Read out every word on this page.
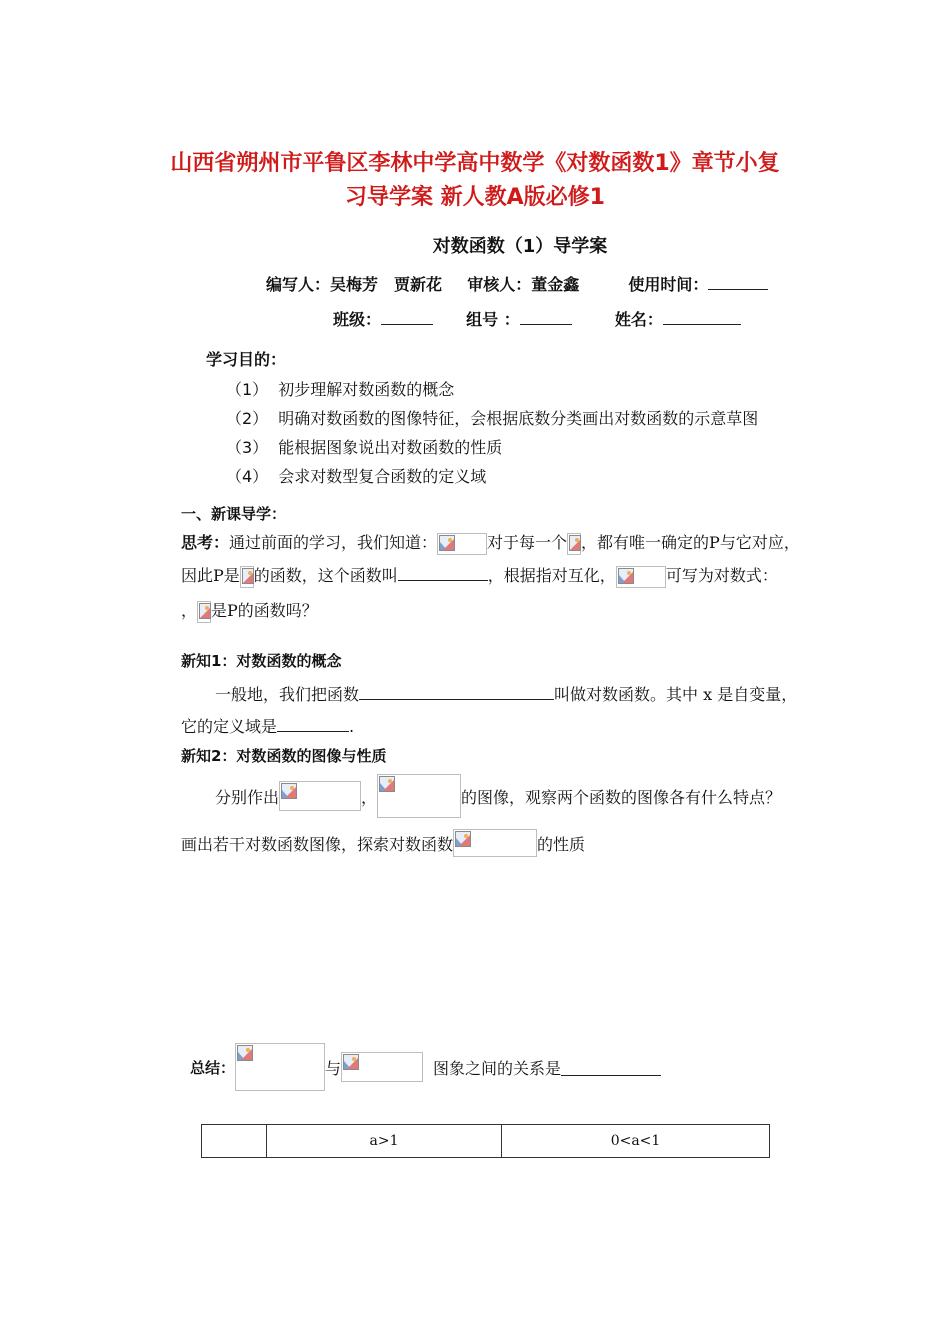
山西省朔州市平鲁区李林中学高中数学《对数函数1》章节小复
习导学案 新人教A版必修1
对数函数（1）导学案
编写人：吴梅芳　贾新花 审核人：董金鑫	使用时间：
班级：	组号 ：	姓名：
学习目的：
（1） 初步理解对数函数的概念
（2） 明确对数函数的图像特征，会根据底数分类画出对数函数的示意草图
（3） 能根据图象说出对数函数的性质
（4） 会求对数型复合函数的定义域
一、新课导学：
思考：通过前面的学习，我们知道：	对于每一个 ，都有唯一确定的P与它对应，
因此P是 的函数，这个函数叫	，根据指对互化，	可写为对数式：
， 是P的函数吗？
新知1：对数函数的概念
一般地，我们把函数	叫做对数函数。其中 x 是自变量，
它的定义域是	.
新知2：对数函数的图像与性质
分别作出	，	的图像，观察两个函数的图像各有什么特点？
画出若干对数函数图像，探索对数函数	的性质
总结：	与	图象之间的关系是
	a>1	0<a<1
